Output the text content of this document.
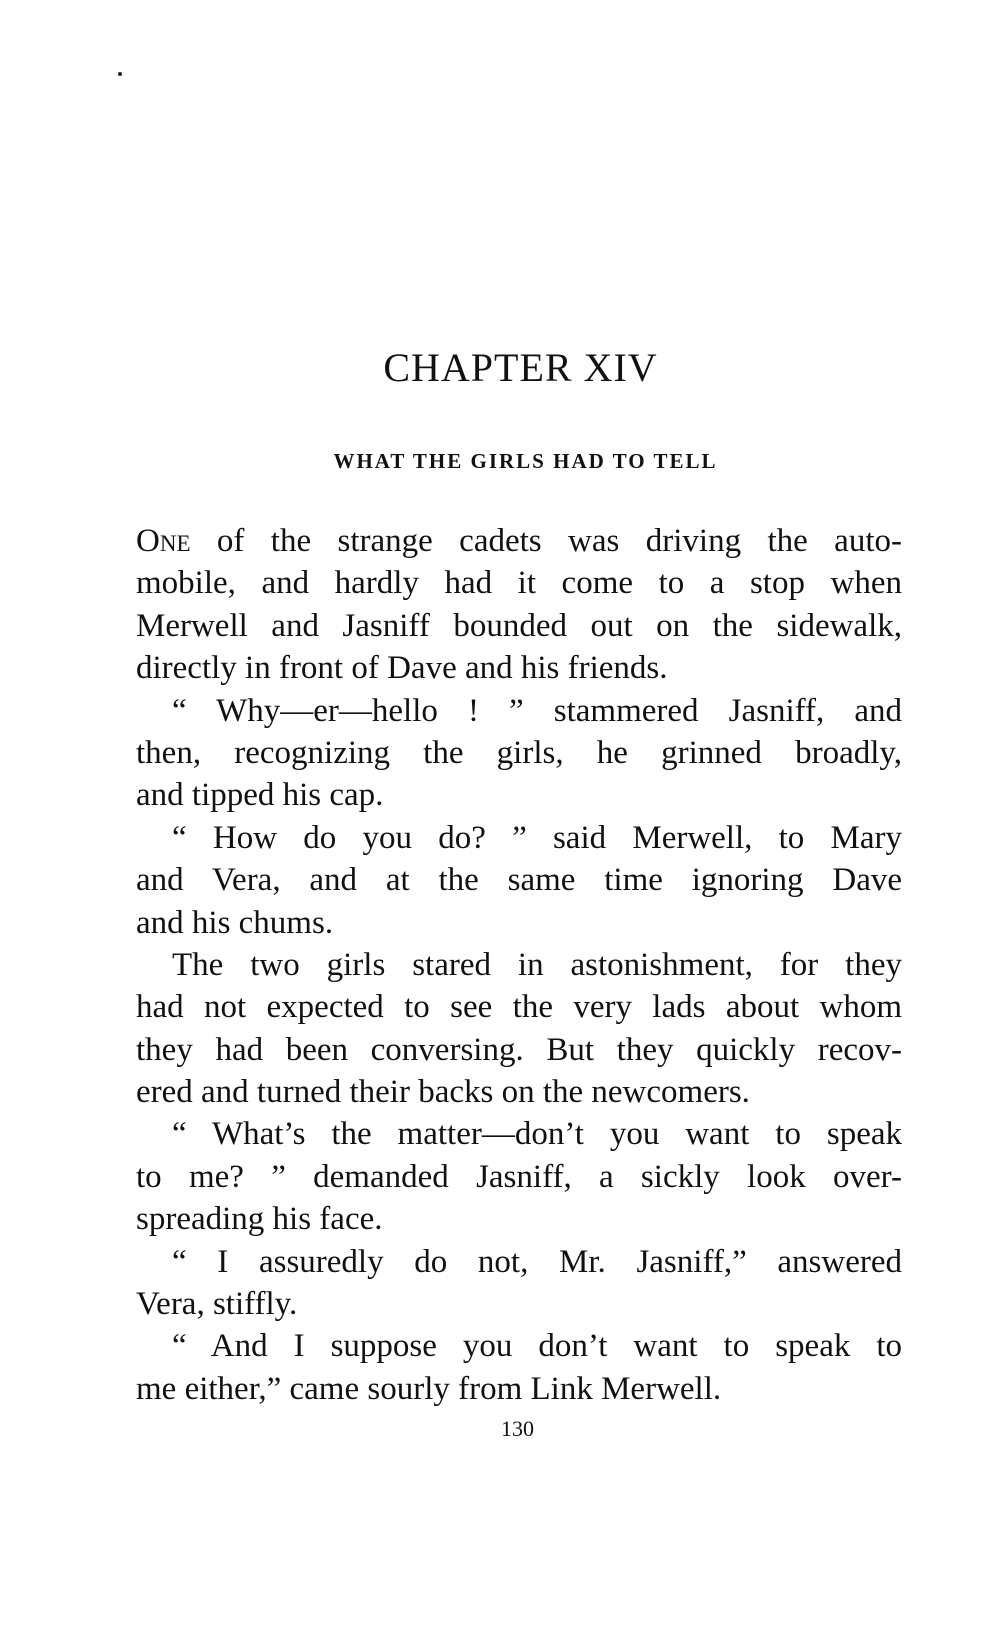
CHAPTER XIV
WHAT THE GIRLS HAD TO TELL
One of the strange cadets was driving the auto-
mobile, and hardly had it come to a stop when
Merwell and Jasniff bounded out on the sidewalk,
directly in front of Dave and his friends.
“ Why—er—hello ! ” stammered Jasniff, and
then, recognizing the girls, he grinned broadly,
and tipped his cap.
“ How do you do? ” said Merwell, to Mary
and Vera, and at the same time ignoring Dave
and his chums.
The two girls stared in astonishment, for they
had not expected to see the very lads about whom
they had been conversing. But they quickly recov-
ered and turned their backs on the newcomers.
“ What’s the matter—don’t you want to speak
to me? ” demanded Jasniff, a sickly look over-
spreading his face.
“ I assuredly do not, Mr. Jasniff,” answered
Vera, stiffly.
“ And I suppose you don’t want to speak to
me either,” came sourly from Link Merwell.
130
